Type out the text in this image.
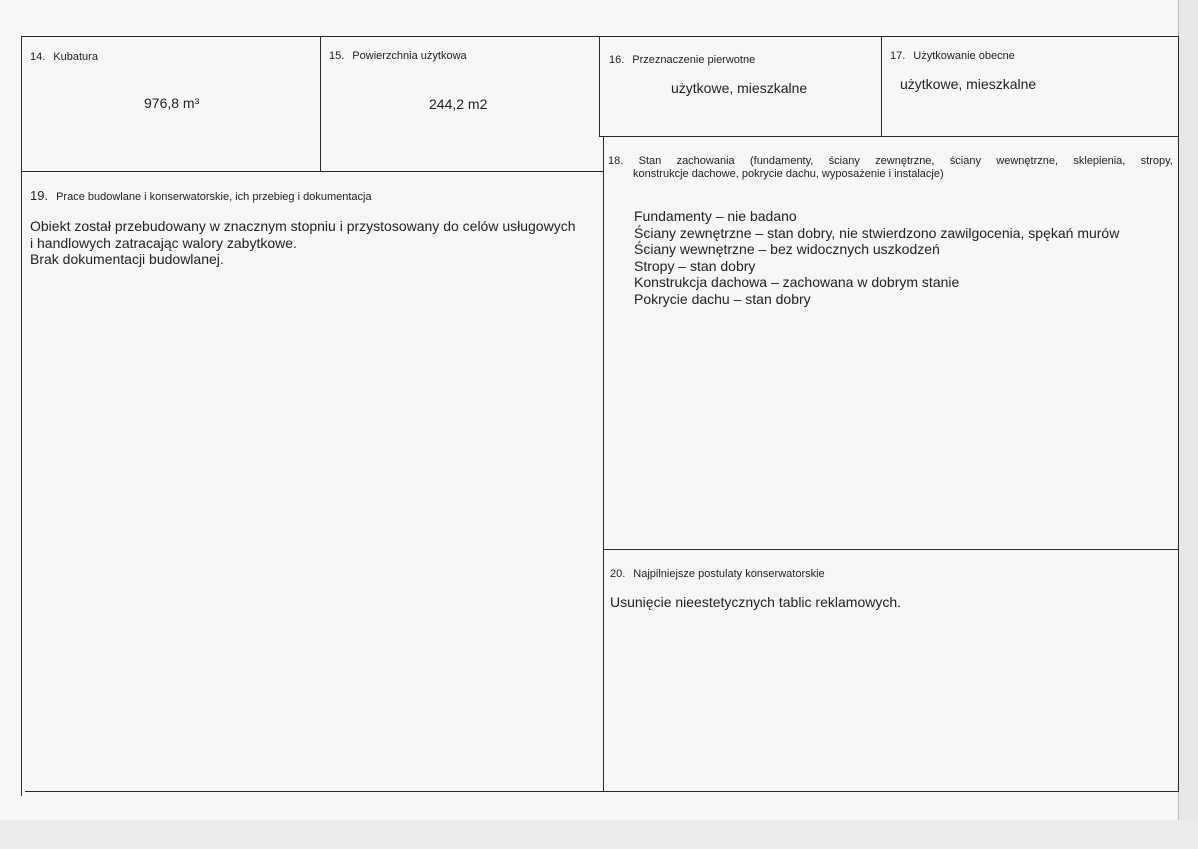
14. Kubatura
976,8 m³
15. Powierzchnia użytkowa
244,2 m2
16. Przeznaczenie pierwotne
użytkowe, mieszkalne
17. Użytkowanie obecne
użytkowe, mieszkalne
18. Stan zachowania (fundamenty, ściany zewnętrzne, ściany wewnętrzne, sklepienia, stropy,
konstrukcje dachowe, pokrycie dachu, wyposażenie i instalacje)
Fundamenty – nie badano
Ściany zewnętrzne – stan dobry, nie stwierdzono zawilgocenia, spękań murów
Ściany wewnętrzne – bez widocznych uszkodzeń
Stropy – stan dobry
Konstrukcja dachowa – zachowana w dobrym stanie
Pokrycie dachu – stan dobry
19. Prace budowlane i konserwatorskie, ich przebieg i dokumentacja
Obiekt został przebudowany w znacznym stopniu i przystosowany do celów usługowych
i handlowych zatracając walory zabytkowe.
Brak dokumentacji budowlanej.
20. Najpilniejsze postulaty konserwatorskie
Usunięcie nieestetycznych tablic reklamowych.
